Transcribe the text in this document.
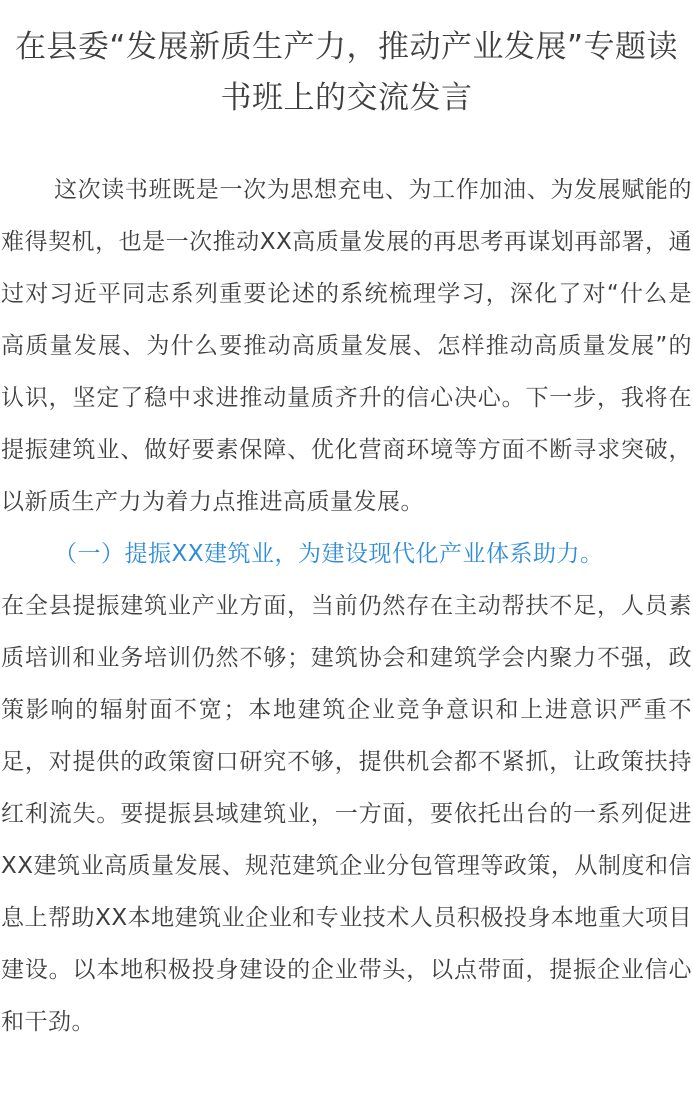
在县委“发展新质生产力，推动产业发展”专题读书班上的交流发言

这次读书班既是一次为思想充电、为工作加油、为发展赋能的难得契机，也是一次推动XX高质量发展的再思考再谋划再部署，通过对习近平同志系列重要论述的系统梳理学习，深化了对“什么是高质量发展、为什么要推动高质量发展、怎样推动高质量发展”的认识，坚定了稳中求进推动量质齐升的信心决心。下一步，我将在提振建筑业、做好要素保障、优化营商环境等方面不断寻求突破，以新质生产力为着力点推进高质量发展。

（一）提振XX建筑业，为建设现代化产业体系助力。

在全县提振建筑业产业方面，当前仍然存在主动帮扶不足，人员素质培训和业务培训仍然不够；建筑协会和建筑学会内聚力不强，政策影响的辐射面不宽；本地建筑企业竞争意识和上进意识严重不足，对提供的政策窗口研究不够，提供机会都不紧抓，让政策扶持红利流失。要提振县域建筑业，一方面，要依托出台的一系列促进XX建筑业高质量发展、规范建筑企业分包管理等政策，从制度和信息上帮助XX本地建筑业企业和专业技术人员积极投身本地重大项目建设。以本地积极投身建设的企业带头，以点带面，提振企业信心和干劲。
